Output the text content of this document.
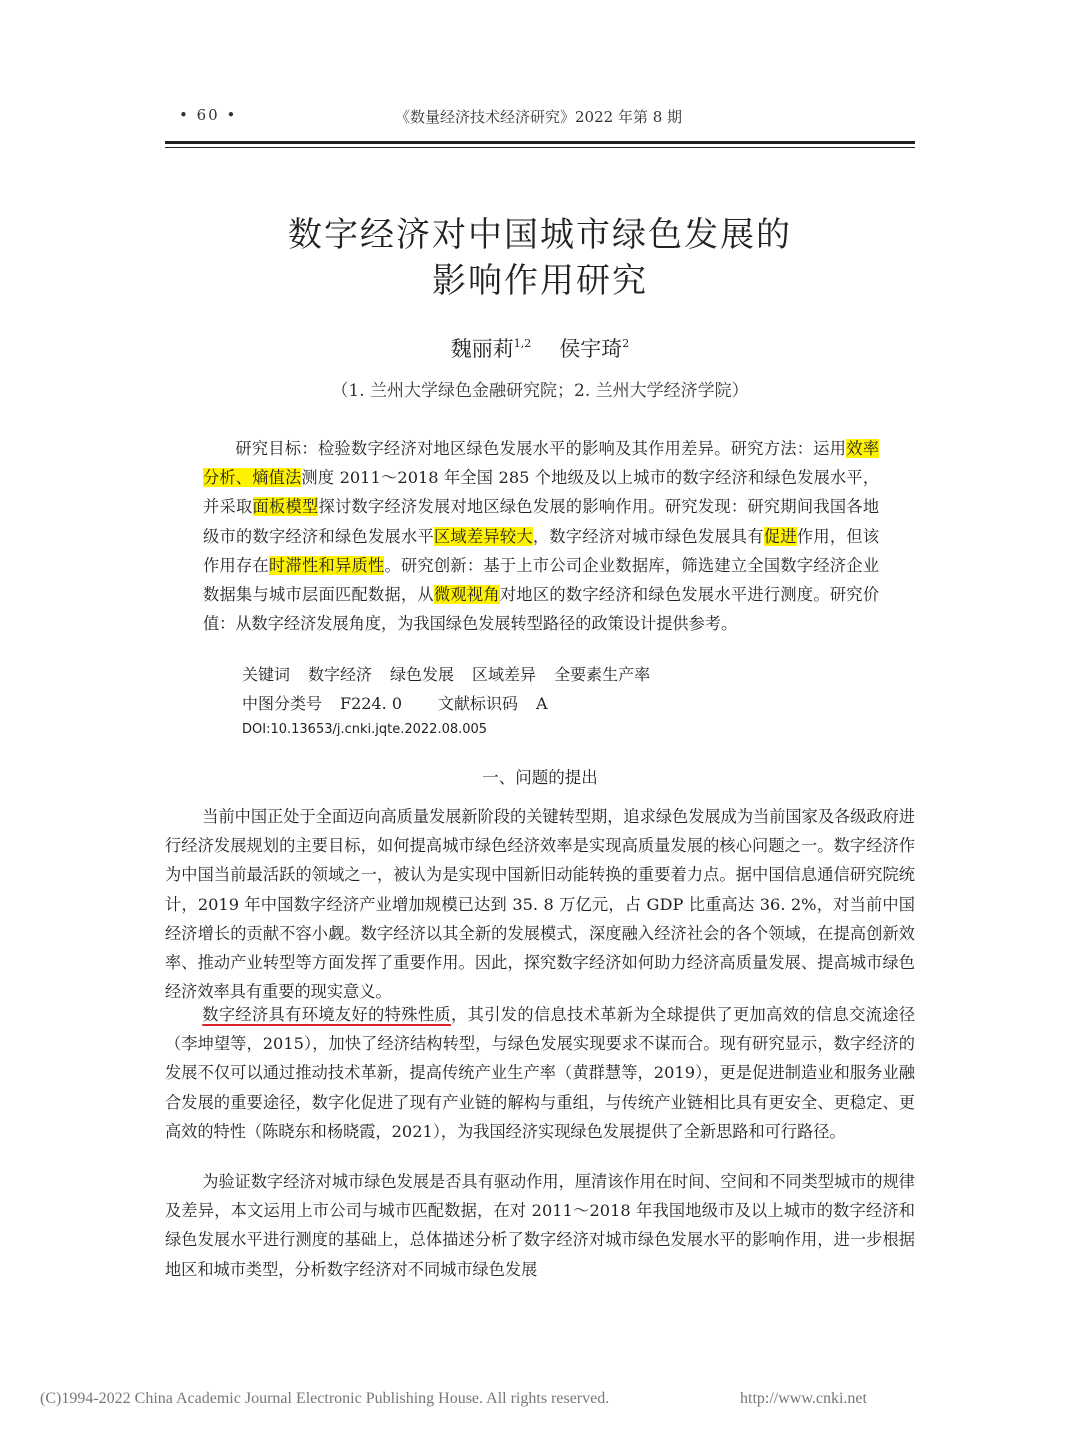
• 60 •	《数量经济技术经济研究》2022 年第 8 期
数字经济对中国城市绿色发展的
影响作用研究
魏丽莉$^{1,2}$ 侯宇琦$^2$
（1. 兰州大学绿色金融研究院；2. 兰州大学经济学院）
研究目标：检验数字经济对地区绿色发展水平的影响及其作用差异。研究方法：运用效率分析、熵值法测度 2011～2018 年全国 285 个地级及以上城市的数字经济和绿色发展水平，并采取面板模型探讨数字经济发展对地区绿色发展的影响作用。研究发现：研究期间我国各地级市的数字经济和绿色发展水平区域差异较大，数字经济对城市绿色发展具有促进作用，但该作用存在时滞性和异质性。研究创新：基于上市公司企业数据库，筛选建立全国数字经济企业数据集与城市层面匹配数据，从微观视角对地区的数字经济和绿色发展水平进行测度。研究价值：从数字经济发展角度，为我国绿色发展转型路径的政策设计提供参考。
关键词 数字经济 绿色发展 区域差异 全要素生产率
中图分类号 F224. 0 文献标识码 A
DOI:10.13653/j.cnki.jqte.2022.08.005
一、问题的提出
当前中国正处于全面迈向高质量发展新阶段的关键转型期，追求绿色发展成为当前国家及各级政府进行经济发展规划的主要目标，如何提高城市绿色经济效率是实现高质量发展的核心问题之一。数字经济作为中国当前最活跃的领域之一，被认为是实现中国新旧动能转换的重要着力点。据中国信息通信研究院统计，2019 年中国数字经济产业增加规模已达到 35. 8 万亿元，占 GDP 比重高达 36. 2%，对当前中国经济增长的贡献不容小觑。数字经济以其全新的发展模式，深度融入经济社会的各个领域，在提高创新效率、推动产业转型等方面发挥了重要作用。因此，探究数字经济如何助力经济高质量发展、提高城市绿色经济效率具有重要的现实意义。
数字经济具有环境友好的特殊性质，其引发的信息技术革新为全球提供了更加高效的信息交流途径（李坤望等，2015），加快了经济结构转型，与绿色发展实现要求不谋而合。现有研究显示，数字经济的发展不仅可以通过推动技术革新，提高传统产业生产率（黄群慧等，2019），更是促进制造业和服务业融合发展的重要途径，数字化促进了现有产业链的解构与重组，与传统产业链相比具有更安全、更稳定、更高效的特性（陈晓东和杨晓霞，2021），为我国经济实现绿色发展提供了全新思路和可行路径。
为验证数字经济对城市绿色发展是否具有驱动作用，厘清该作用在时间、空间和不同类型城市的规律及差异，本文运用上市公司与城市匹配数据，在对 2011～2018 年我国地级市及以上城市的数字经济和绿色发展水平进行测度的基础上，总体描述分析了数字经济对城市绿色发展水平的影响作用，进一步根据地区和城市类型，分析数字经济对不同城市绿色发展
(C)1994-2022 China Academic Journal Electronic Publishing House. All rights reserved.	http://www.cnki.net
